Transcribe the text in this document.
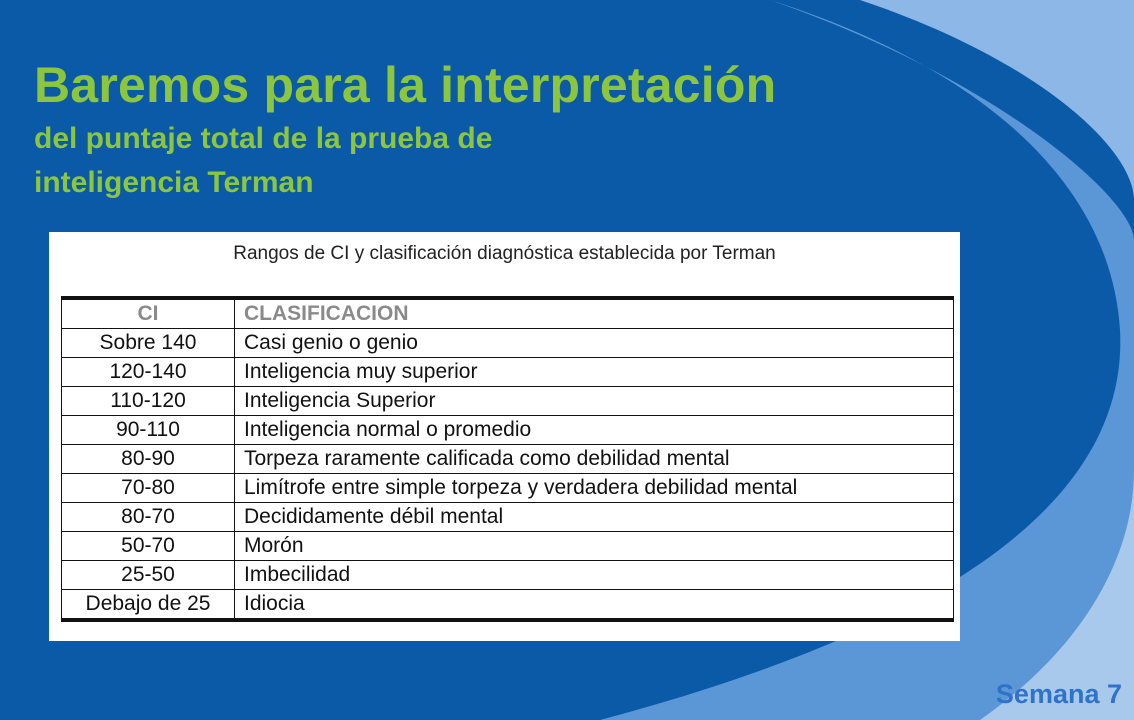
Baremos para la interpretación
del puntaje total de la prueba de
inteligencia Terman
Rangos de CI y clasificación diagnóstica establecida por Terman
CI	CLASIFICACION
Sobre 140	Casi genio o genio
120-140	Inteligencia muy superior
110-120	Inteligencia Superior
90-110	Inteligencia normal o promedio
80-90	Torpeza raramente calificada como debilidad mental
70-80	Limítrofe entre simple torpeza y verdadera debilidad mental
80-70	Decididamente débil mental
50-70	Morón
25-50	Imbecilidad
Debajo de 25	Idiocia
Semana 7
